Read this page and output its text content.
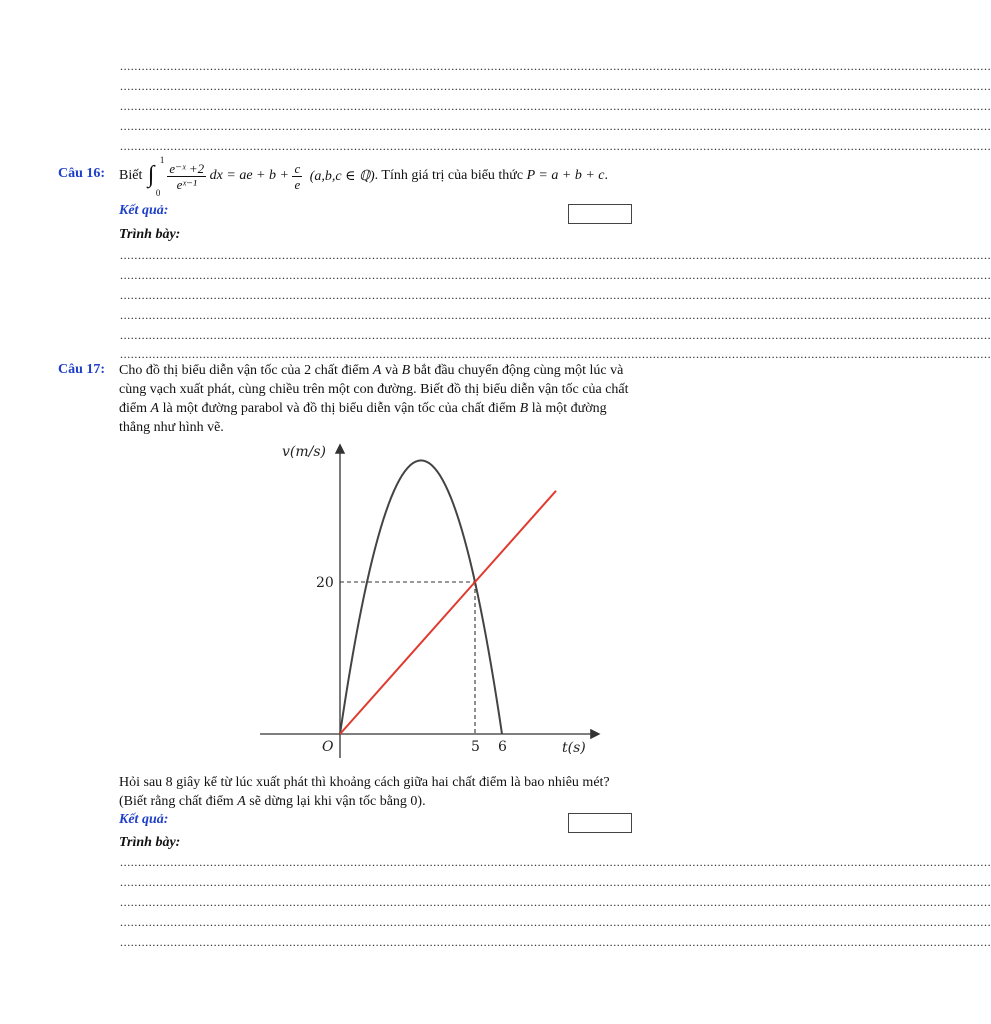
..................................................................................................................................................................................................................................................
..................................................................................................................................................................................................................................................
..................................................................................................................................................................................................................................................
..................................................................................................................................................................................................................................................
..................................................................................................................................................................................................................................................
Câu 16: Biết ∫
1
0

$\frac{\text{e⁻ˣ +2}}{\text{eˣ⁻¹}}$ dx = ae + $b + \frac{c}{e} (a,b,c$ ∈ ℚ). Tính giá trị của biểu thức P = a + b + c.
Kết quả:
Trình bày:
..................................................................................................................................................................................................................................................
..................................................................................................................................................................................................................................................
..................................................................................................................................................................................................................................................
..................................................................................................................................................................................................................................................
..................................................................................................................................................................................................................................................
..................................................................................................................................................................................................................................................
Câu 17: Cho đồ thị biểu diễn vận tốc của 2 chất điểm A và B bắt đầu chuyển động cùng một lúc và
cùng vạch xuất phát, cùng chiều trên một con đường. Biết đồ thị biểu diễn vận tốc của chất
điểm A là một đường parabol và đồ thị biểu diễn vận tốc của chất điểm B là một đường
thẳng như hình vẽ.
5 6
20
v(m/s)
t(s)
O
Hỏi sau 8 giây kể từ lúc xuất phát thì khoảng cách giữa hai chất điểm là bao nhiêu mét?
(Biết rằng chất điểm A sẽ dừng lại khi vận tốc bằng 0).
Kết quả:
Trình bày:
..................................................................................................................................................................................................................................................
..................................................................................................................................................................................................................................................
..................................................................................................................................................................................................................................................
..................................................................................................................................................................................................................................................
..................................................................................................................................................................................................................................................
